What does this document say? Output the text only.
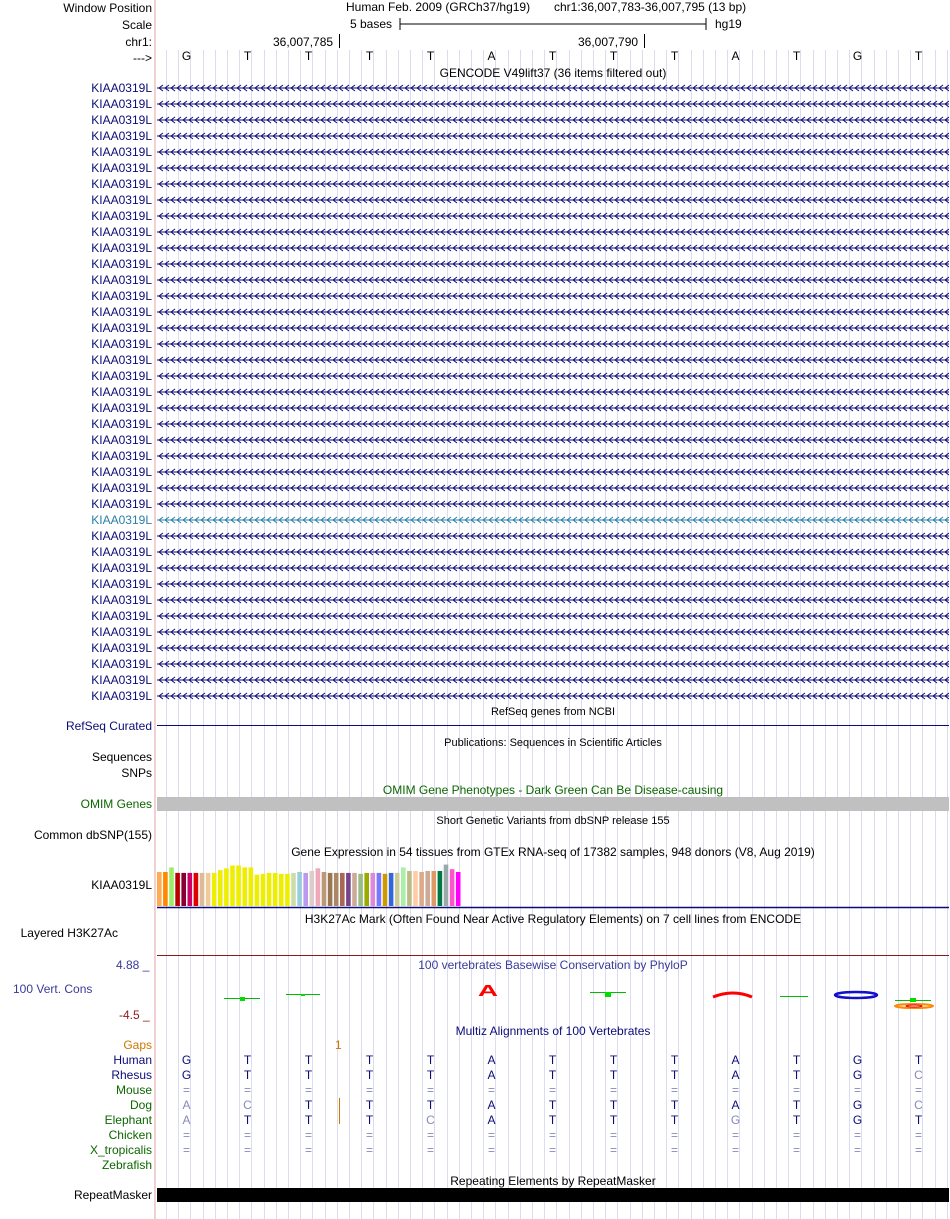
Window Position
Scale
chr1:
--->
Human Feb. 2009 (GRCh37/hg19) chr1:36,007,783-36,007,795 (13 bp)
5 bases	hg19
36,007,785	36,007,790
G	T	T	T	T	A	T	T	T	A	T	G	T
GENCODE V49lift37 (36 items filtered out)
KIAA0319L
KIAA0319L
KIAA0319L
KIAA0319L
KIAA0319L
KIAA0319L
KIAA0319L
KIAA0319L
KIAA0319L
KIAA0319L
KIAA0319L
KIAA0319L
KIAA0319L
KIAA0319L
KIAA0319L
KIAA0319L
KIAA0319L
KIAA0319L
KIAA0319L
KIAA0319L
KIAA0319L
KIAA0319L
KIAA0319L
KIAA0319L
KIAA0319L
KIAA0319L
KIAA0319L
KIAA0319L
KIAA0319L
KIAA0319L
KIAA0319L
KIAA0319L
KIAA0319L
KIAA0319L
KIAA0319L
KIAA0319L
KIAA0319L
KIAA0319L
KIAA0319L
RefSeq genes from NCBI
RefSeq Curated
Publications: Sequences in Scientific Articles
Sequences
SNPs
OMIM Gene Phenotypes - Dark Green Can Be Disease-causing
OMIM Genes
Short Genetic Variants from dbSNP release 155
Common dbSNP(155)
Gene Expression in 54 tissues from GTEx RNA-seq of 17382 samples, 948 donors (V8, Aug 2019)
KIAA0319L
H3K27Ac Mark (Often Found Near Active Regulatory Elements) on 7 cell lines from ENCODE
Layered H3K27Ac
100 vertebrates Basewise Conservation by PhyloP
4.88 _
100 Vert. Cons
-4.5 _
A
Multiz Alignments of 100 Vertebrates
Gaps	1
Human	G	T	T	T	T	A	T	T	T	A	T	G	T
Rhesus	G	T	T	T	T	A	T	T	T	A	T	G	C
Mouse	=	=	=	=	=	=	=	=	=	=	=	=	=
Dog	A	C	T	T	T	A	T	T	T	A	T	G	C
Elephant	A	T	T	T	C	A	T	T	T	G	T	G	T
Chicken	=	=	=	=	=	=	=	=	=	=	=	=	=
X_tropicalis	=	=	=	=	=	=	=	=	=	=	=	=	=
Zebrafish
Repeating Elements by RepeatMasker
RepeatMasker
